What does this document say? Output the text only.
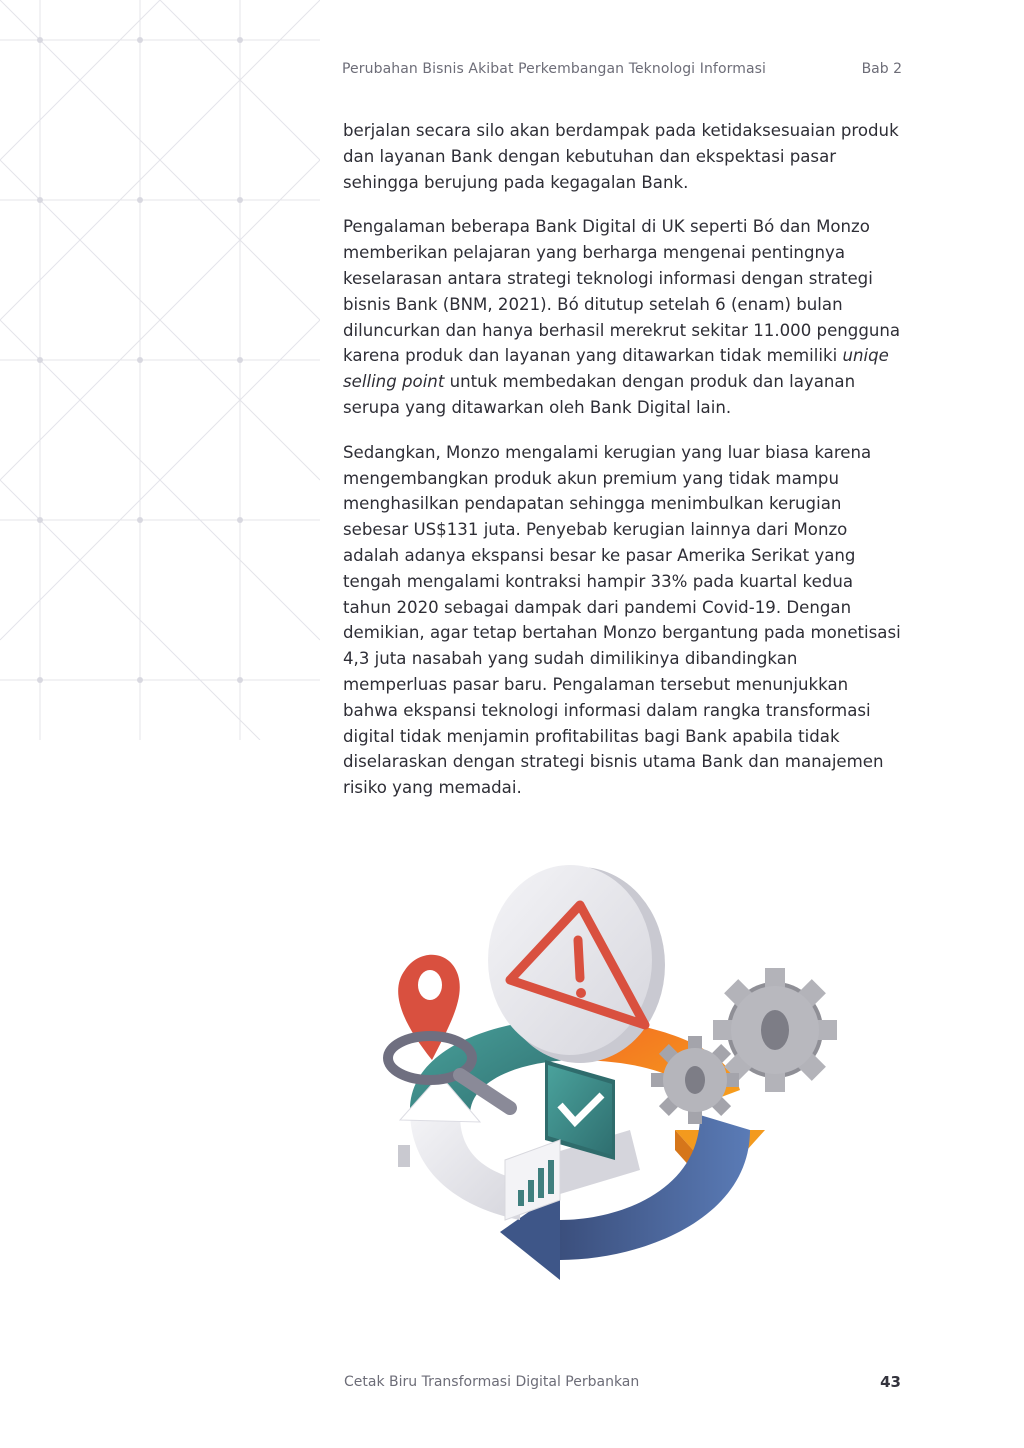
Perubahan Bisnis Akibat Perkembangan Teknologi Informasi	Bab 2

berjalan secara silo akan berdampak pada ketidaksesuaian produk dan layanan Bank dengan kebutuhan dan ekspektasi pasar sehingga berujung pada kegagalan Bank.

Pengalaman beberapa Bank Digital di UK seperti Bó dan Monzo memberikan pelajaran yang berharga mengenai pentingnya keselarasan antara strategi teknologi informasi dengan strategi bisnis Bank (BNM, 2021). Bó ditutup setelah 6 (enam) bulan diluncurkan dan hanya berhasil merekrut sekitar 11.000 pengguna karena produk dan layanan yang ditawarkan tidak memiliki uniqe selling point untuk membedakan dengan produk dan layanan serupa yang ditawarkan oleh Bank Digital lain.

Sedangkan, Monzo mengalami kerugian yang luar biasa karena mengembangkan produk akun premium yang tidak mampu menghasilkan pendapatan sehingga menimbulkan kerugian sebesar US$131 juta. Penyebab kerugian lainnya dari Monzo adalah adanya ekspansi besar ke pasar Amerika Serikat yang tengah mengalami kontraksi hampir 33% pada kuartal kedua tahun 2020 sebagai dampak dari pandemi Covid-19. Dengan demikian, agar tetap bertahan Monzo bergantung pada monetisasi 4,3 juta nasabah yang sudah dimilikinya dibandingkan memperluas pasar baru. Pengalaman tersebut menunjukkan bahwa ekspansi teknologi informasi dalam rangka transformasi digital tidak menjamin profitabilitas bagi Bank apabila tidak diselaraskan dengan strategi bisnis utama Bank dan manajemen risiko yang memadai.

Cetak Biru Transformasi Digital Perbankan	43
